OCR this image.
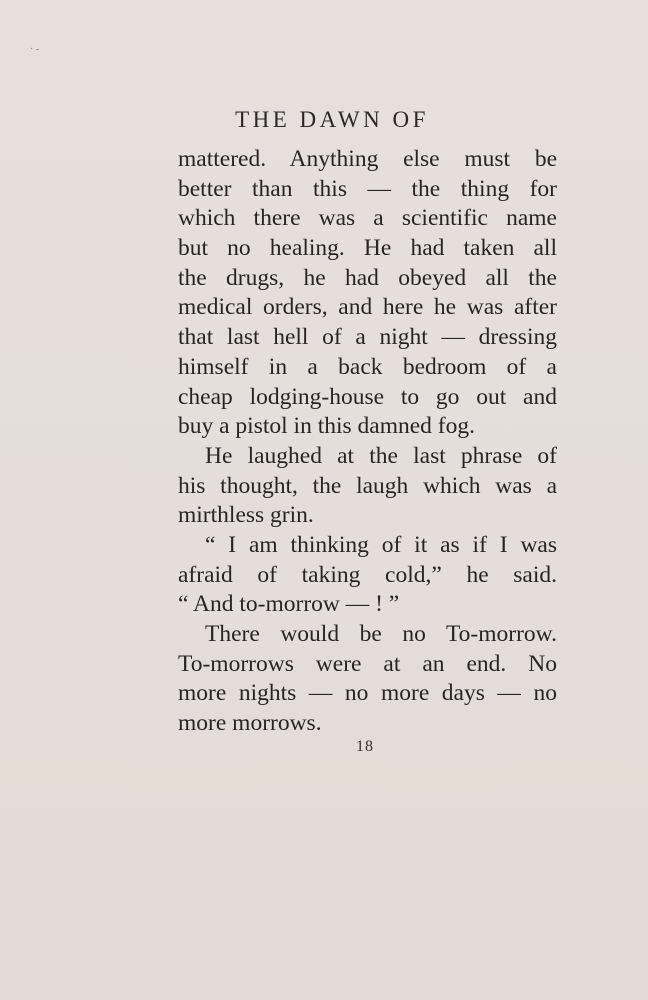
· -
THE DAWN OF
mattered. Anything else must be
better than this — the thing for
which there was a scientific name
but no healing. He had taken all
the drugs, he had obeyed all the
medical orders, and here he was after
that last hell of a night — dressing
himself in a back bedroom of a
cheap lodging-house to go out and
buy a pistol in this damned fog.
He laughed at the last phrase of
his thought, the laugh which was a
mirthless grin.
“ I am thinking of it as if I was
afraid of taking cold,” he said.
“ And to-morrow — ! ”
There would be no To-morrow.
To-morrows were at an end. No
more nights — no more days — no
more morrows.
18
